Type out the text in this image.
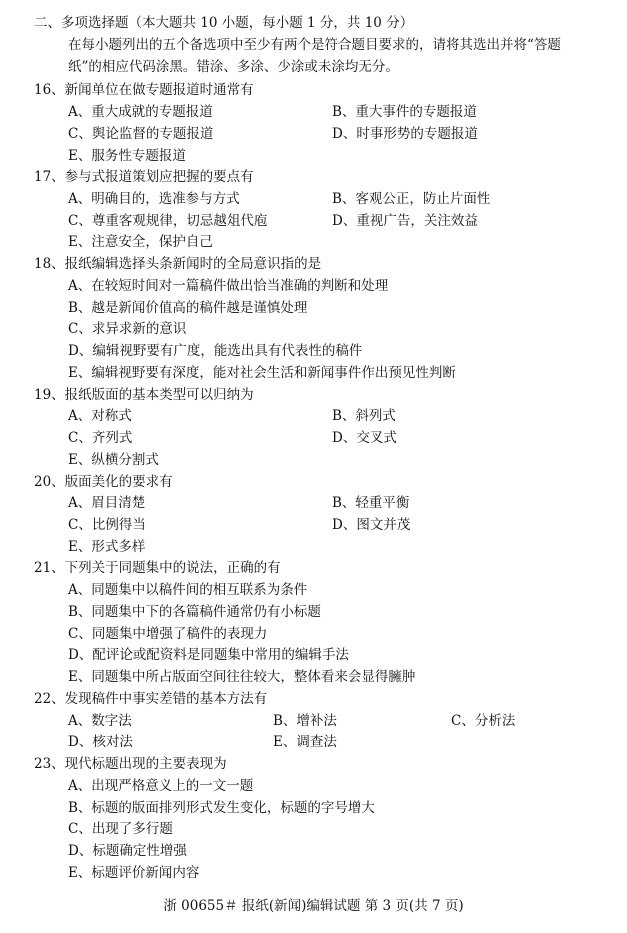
二、多项选择题（本大题共 10 小题，每小题 1 分，共 10 分）
在每小题列出的五个备选项中至少有两个是符合题目要求的，请将其选出并将“答题
纸”的相应代码涂黑。错涂、多涂、少涂或未涂均无分。
16、新闻单位在做专题报道时通常有
A、重大成就的专题报道	B、重大事件的专题报道
C、舆论监督的专题报道	D、时事形势的专题报道
E、服务性专题报道
17、参与式报道策划应把握的要点有
A、明确目的，选准参与方式	B、客观公正，防止片面性
C、尊重客观规律，切忌越俎代庖	D、重视广告，关注效益
E、注意安全，保护自己
18、报纸编辑选择头条新闻时的全局意识指的是
A、在较短时间对一篇稿件做出恰当准确的判断和处理
B、越是新闻价值高的稿件越是谨慎处理
C、求异求新的意识
D、编辑视野要有广度，能选出具有代表性的稿件
E、编辑视野要有深度，能对社会生活和新闻事件作出预见性判断
19、报纸版面的基本类型可以归纳为
A、对称式	B、斜列式
C、齐列式	D、交叉式
E、纵横分割式
20、版面美化的要求有
A、眉目清楚	B、轻重平衡
C、比例得当	D、图文并茂
E、形式多样
21、下列关于同题集中的说法，正确的有
A、同题集中以稿件间的相互联系为条件
B、同题集中下的各篇稿件通常仍有小标题
C、同题集中增强了稿件的表现力
D、配评论或配资料是同题集中常用的编辑手法
E、同题集中所占版面空间往往较大，整体看来会显得臃肿
22、发现稿件中事实差错的基本方法有
A、数字法	B、增补法	C、分析法
D、核对法	E、调查法
23、现代标题出现的主要表现为
A、出现严格意义上的一文一题
B、标题的版面排列形式发生变化，标题的字号增大
C、出现了多行题
D、标题确定性增强
E、标题评价新闻内容
浙 00655＃ 报纸(新闻)编辑试题 第 3 页(共 7 页)
